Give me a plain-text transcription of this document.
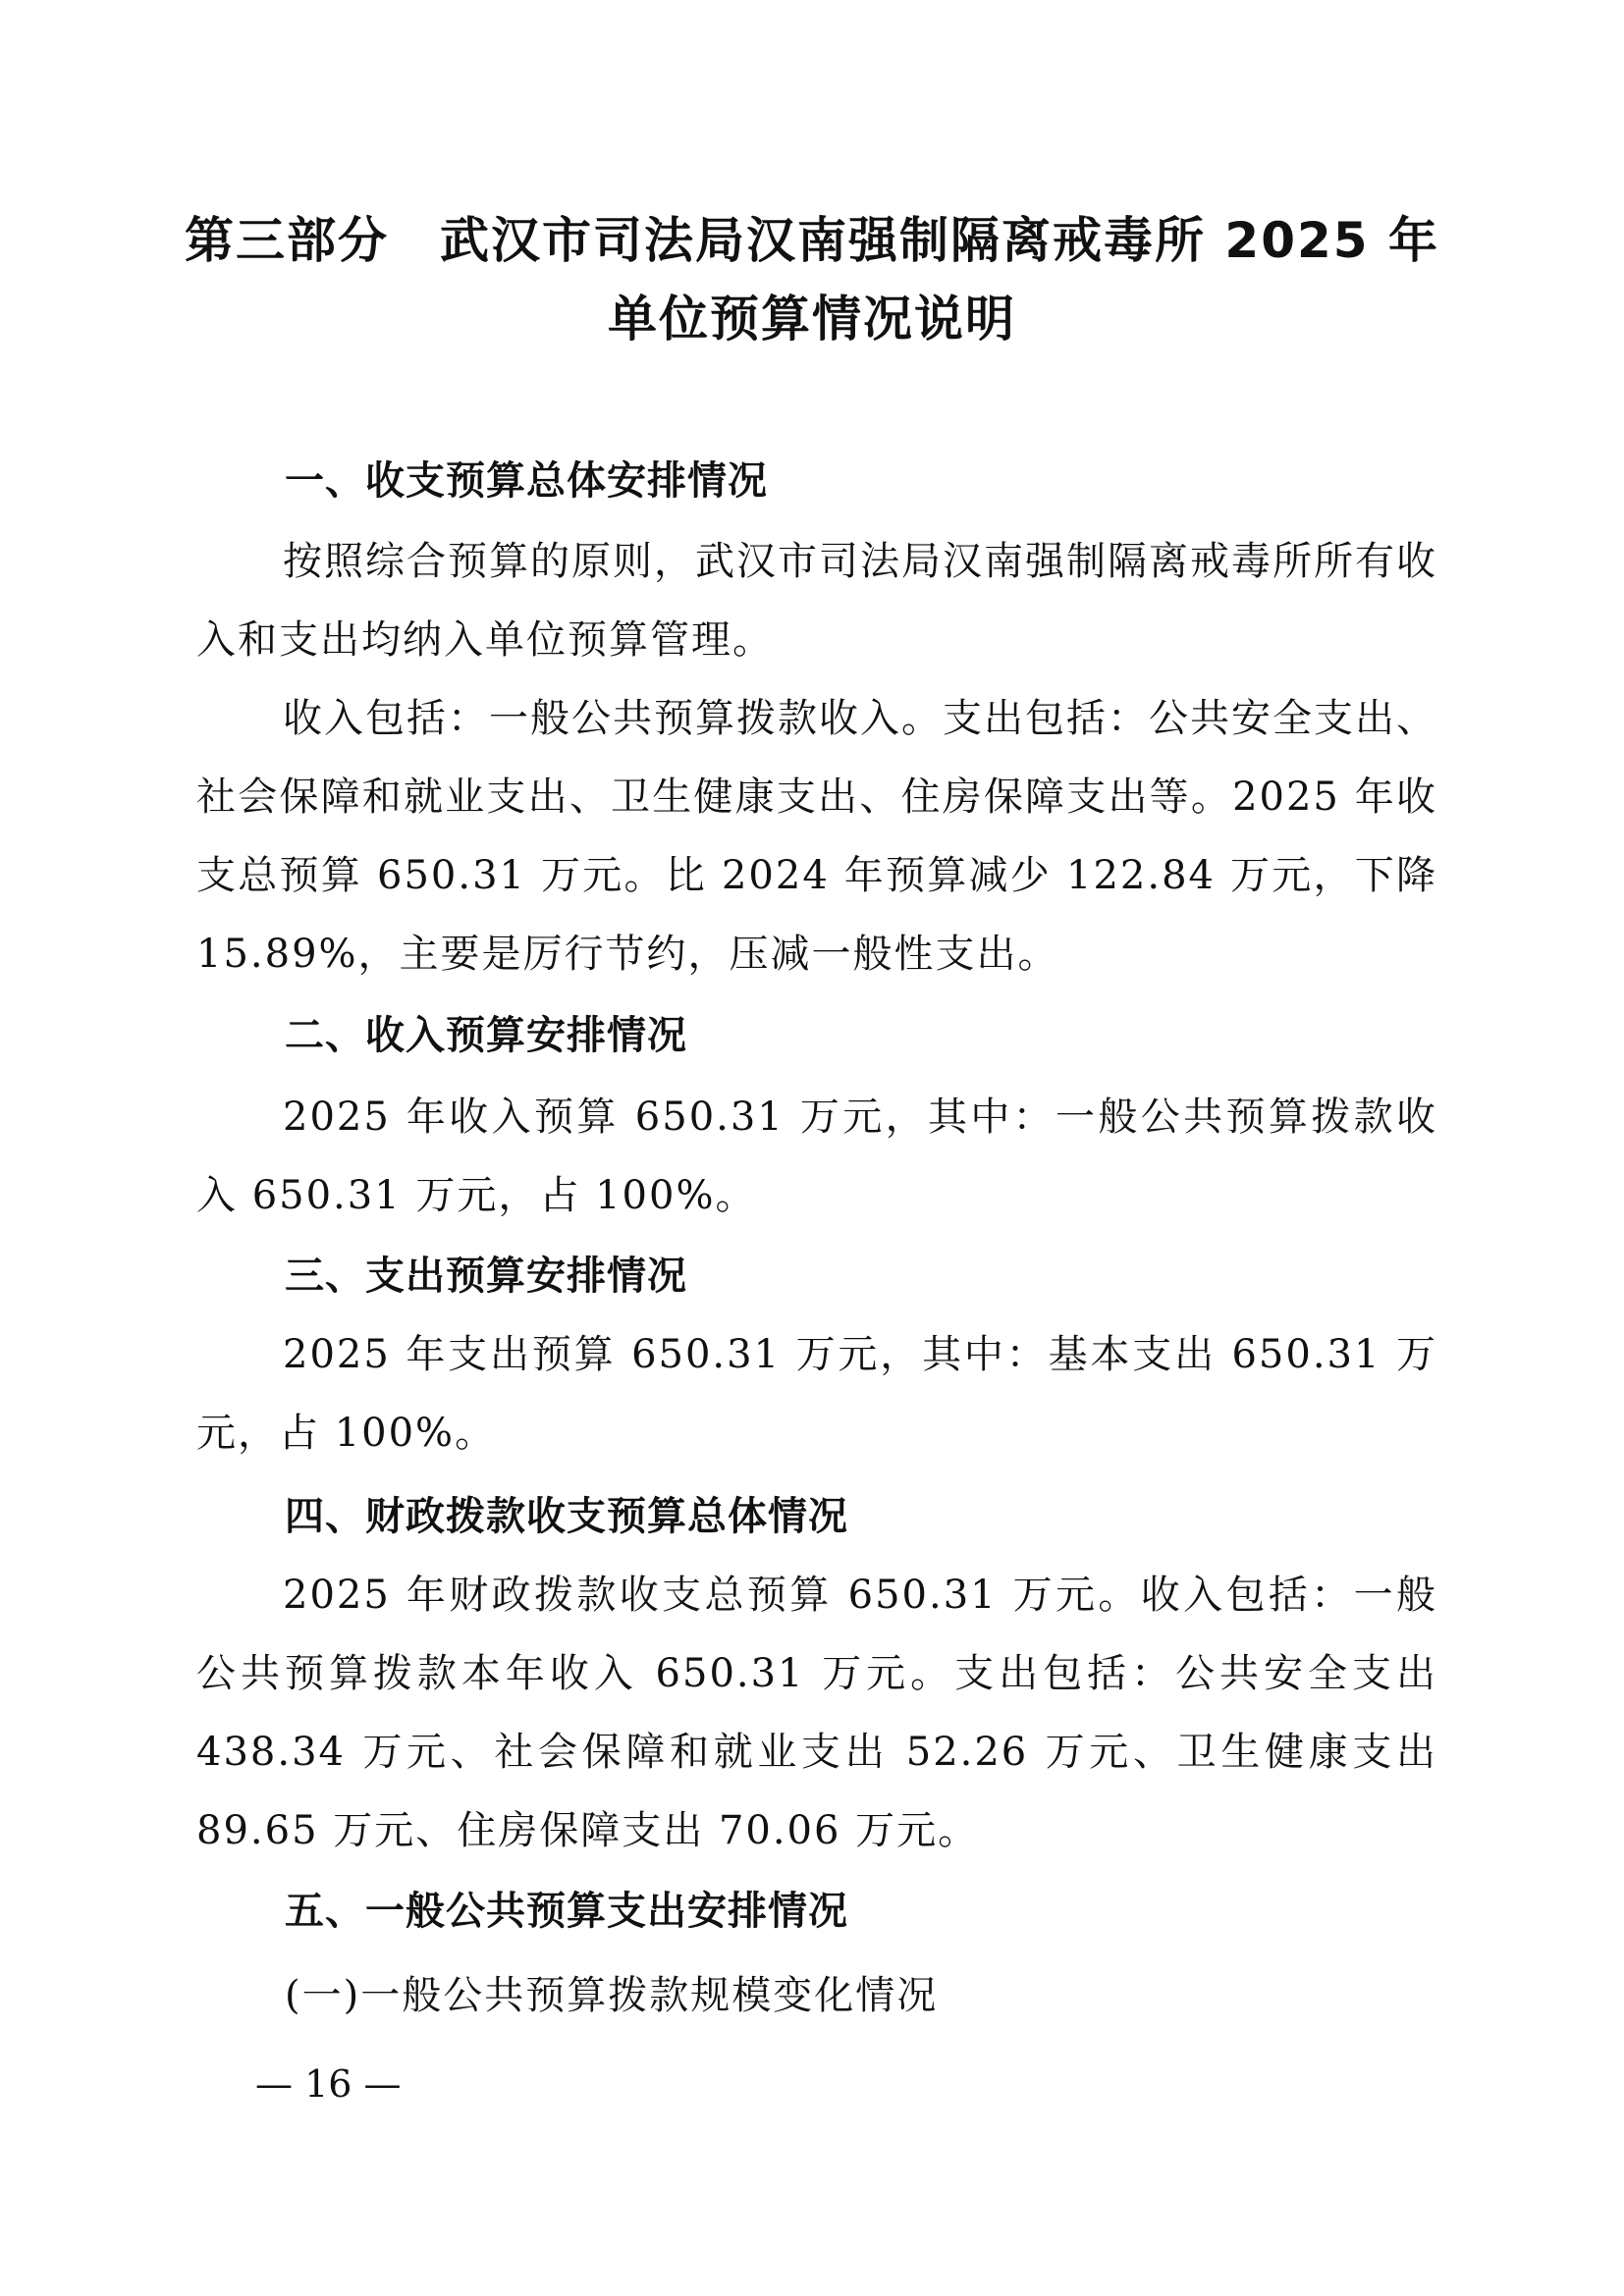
第三部分　武汉市司法局汉南强制隔离戒毒所 2025 年
单位预算情况说明
一、收支预算总体安排情况
按照综合预算的原则，武汉市司法局汉南强制隔离戒毒所所有收入和支出均纳入单位预算管理。
收入包括：一般公共预算拨款收入。支出包括：公共安全支出、社会保障和就业支出、卫生健康支出、住房保障支出等。2025 年收支总预算 650.31 万元。比 2024 年预算减少 122.84 万元，下降 15.89%，主要是厉行节约，压减一般性支出。
二、收入预算安排情况
2025 年收入预算 650.31 万元，其中：一般公共预算拨款收入 650.31 万元，占 100%。
三、支出预算安排情况
2025 年支出预算 650.31 万元，其中：基本支出 650.31 万元，占 100%。
四、财政拨款收支预算总体情况
2025 年财政拨款收支总预算 650.31 万元。收入包括：一般公共预算拨款本年收入 650.31 万元。支出包括：公共安全支出 438.34 万元、社会保障和就业支出 52.26 万元、卫生健康支出 89.65 万元、住房保障支出 70.06 万元。
五、一般公共预算支出安排情况
(一)一般公共预算拨款规模变化情况
— 16 —
